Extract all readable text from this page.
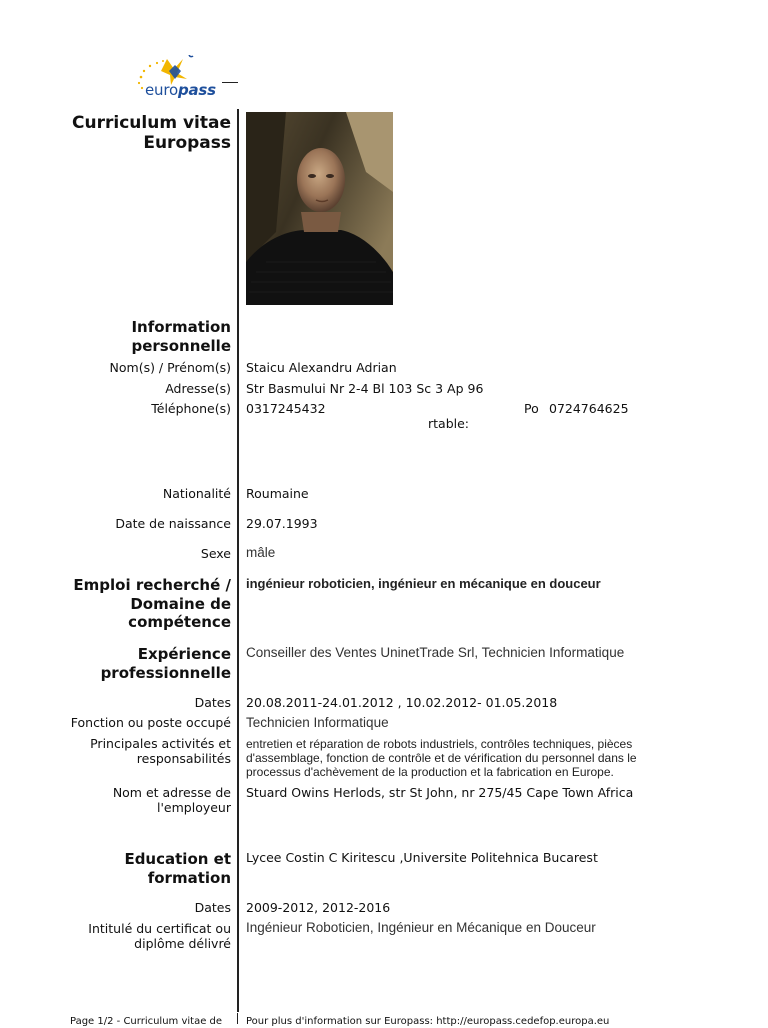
europass
Curriculum vitae
Europass
Information personnelle
Nom(s) / Prénom(s) Staicu Alexandru Adrian
Adresse(s) Str Basmului Nr 2-4 Bl 103 Sc 3 Ap 96
Téléphone(s) 0317245432	Po
rtable:
0724764625
Nationalité Roumaine
Date de naissance 29.07.1993
Sexe mâle
Emploi recherché / Domaine de compétence
ingénieur roboticien, ingénieur en mécanique en douceur
Expérience professionnelle
Conseiller des Ventes UninetTrade Srl, Technicien Informatique
Dates 20.08.2011-24.01.2012 , 10.02.2012- 01.05.2018
Fonction ou poste occupé Technicien Informatique
Principales activités et responsabilités
entretien et réparation de robots industriels, contrôles techniques, pièces d'assemblage, fonction de contrôle et de vérification du personnel dans le processus d'achèvement de la production et la fabrication en Europe.
Nom et adresse de l'employeur
Stuard Owins Herlods, str St John, nr 275/45 Cape Town Africa
Education et formation
Lycee Costin C Kiritescu ,Universite Politehnica Bucarest
Dates 2009-2012, 2012-2016
Intitulé du certificat ou diplôme délivré
Ingénieur Roboticien, Ingénieur en Mécanique en Douceur
Page 1/2 - Curriculum vitae de Pour plus d'information sur Europass: http://europass.cedefop.europa.eu
